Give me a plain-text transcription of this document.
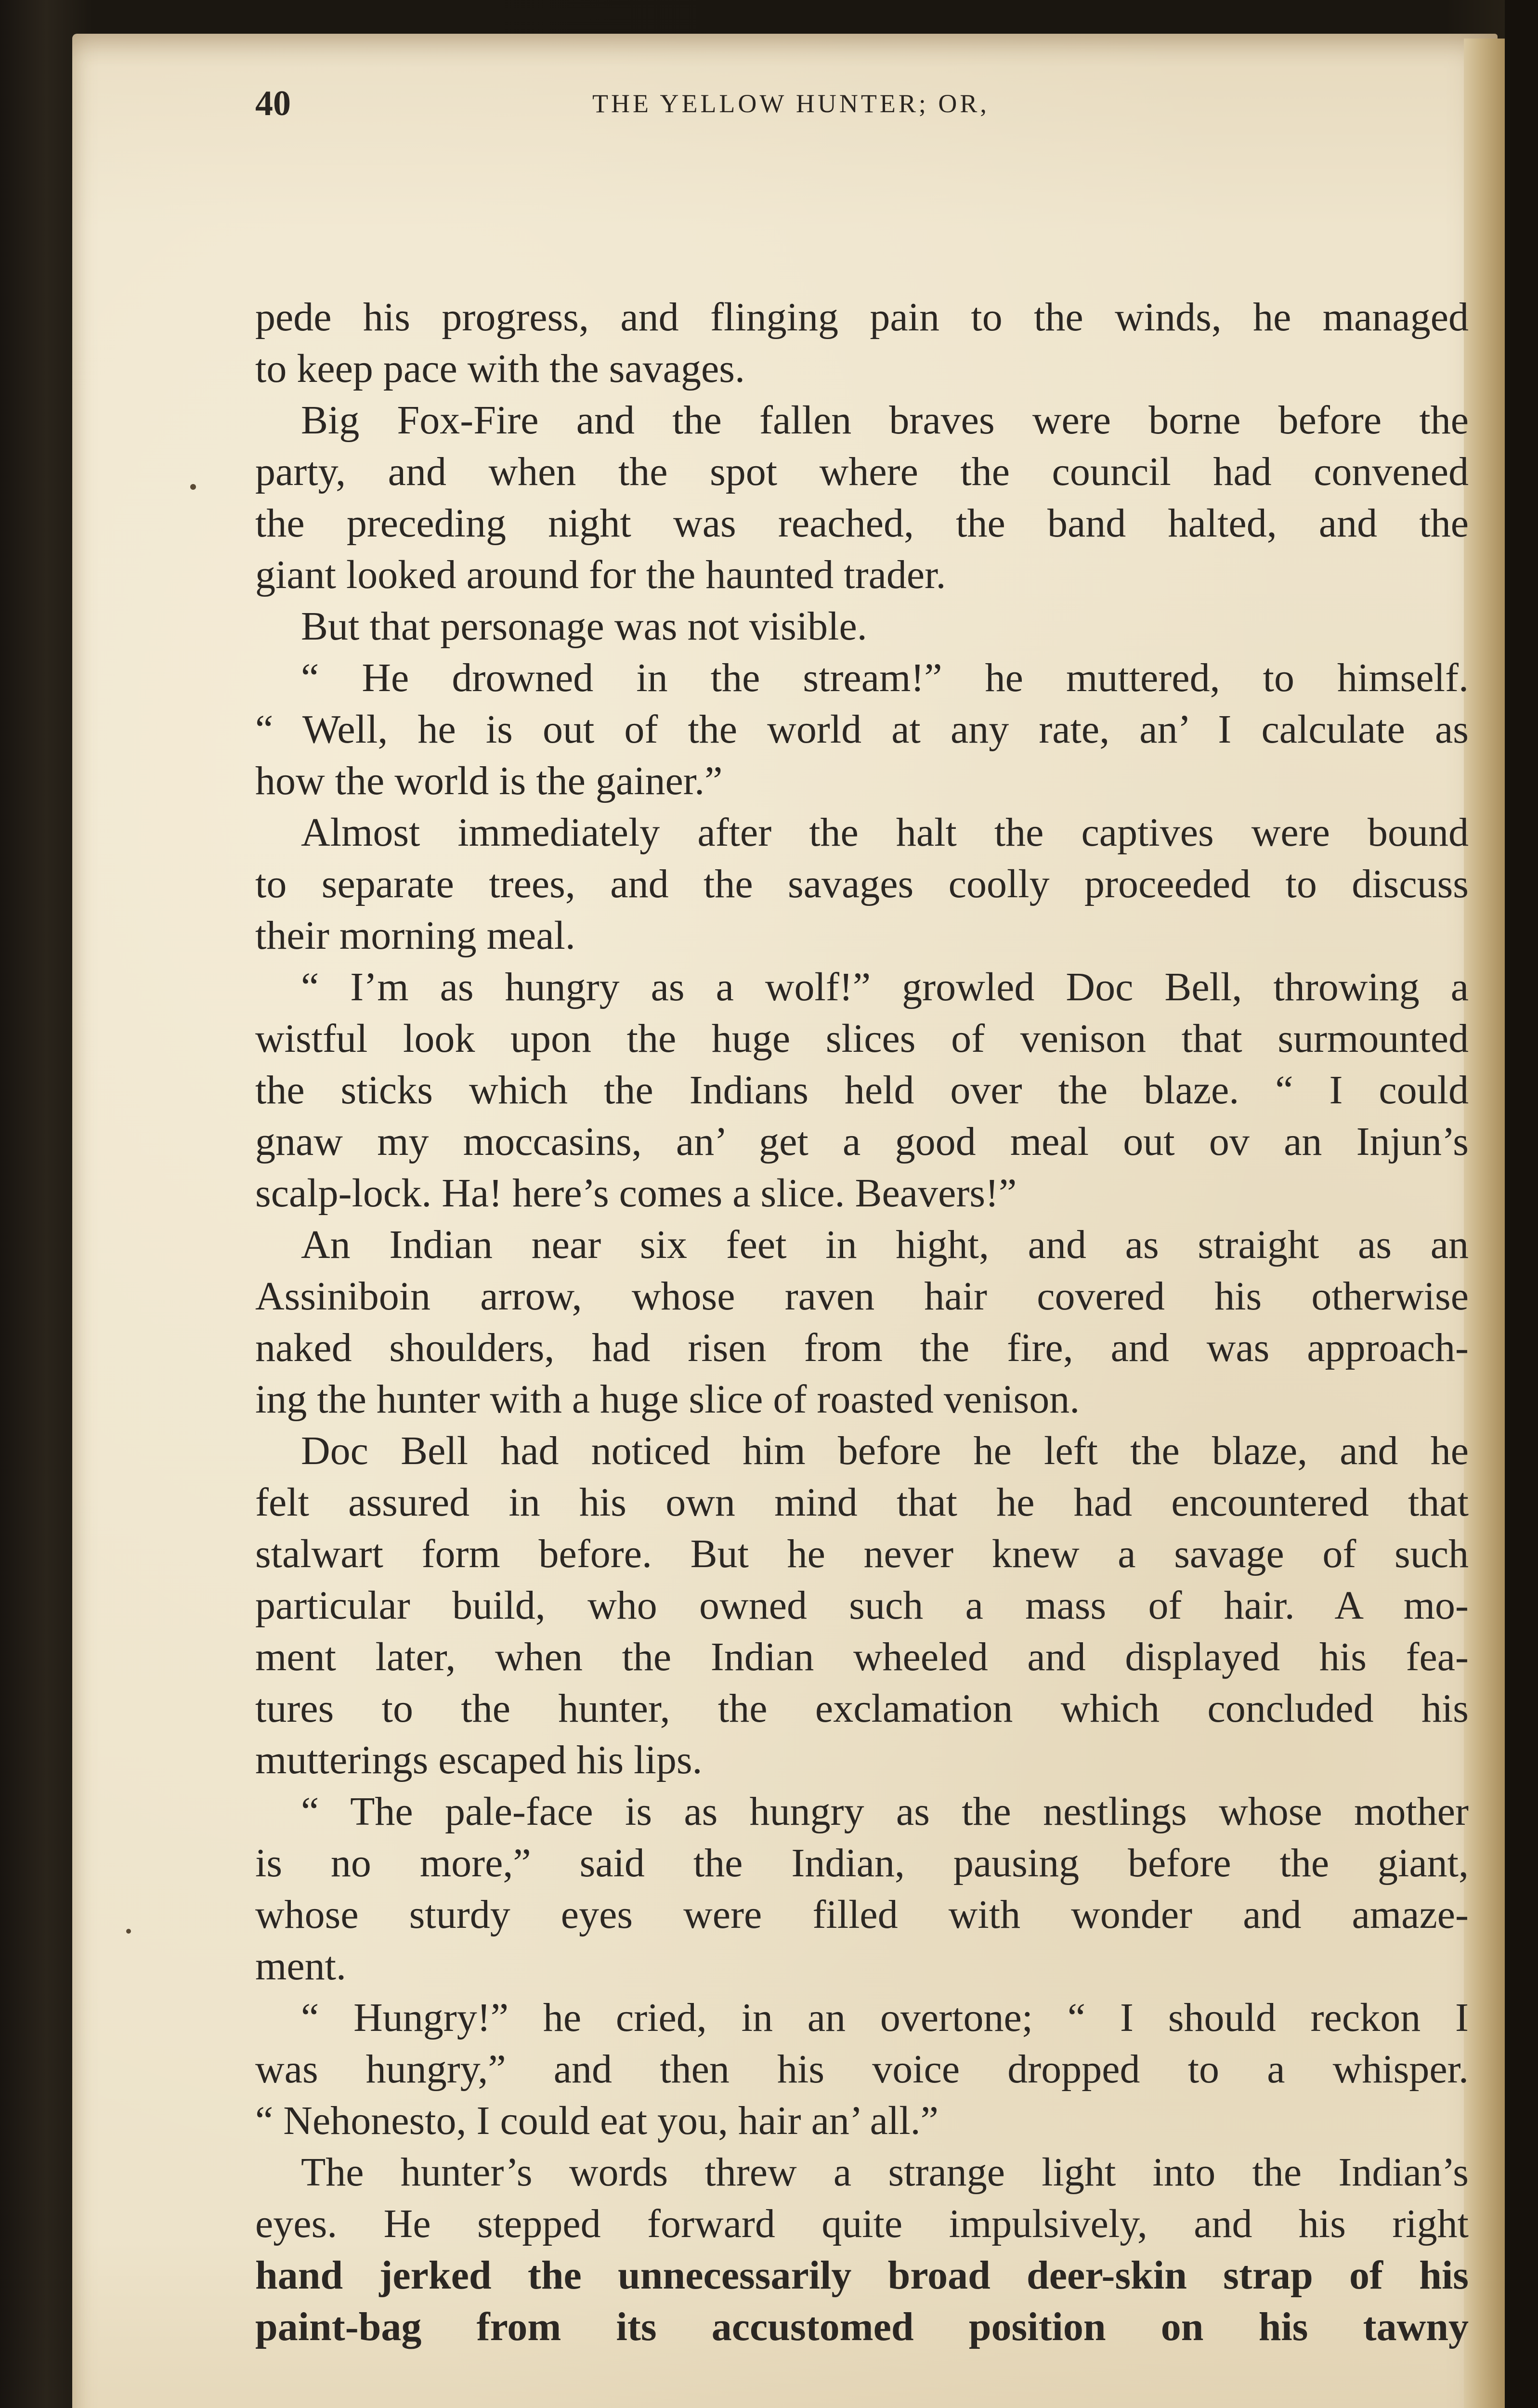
40	THE YELLOW HUNTER; OR,
pede his progress, and flinging pain to the winds, he managed
to keep pace with the savages.
Big Fox-Fire and the fallen braves were borne before the
party, and when the spot where the council had convened
the preceding night was reached, the band halted, and the
giant looked around for the haunted trader.
But that personage was not visible.
“ He drowned in the stream!” he muttered, to himself.
“ Well, he is out of the world at any rate, an’ I calculate as
how the world is the gainer.”
Almost immediately after the halt the captives were bound
to separate trees, and the savages coolly proceeded to discuss
their morning meal.
“ I’m as hungry as a wolf!” growled Doc Bell, throwing a
wistful look upon the huge slices of venison that surmounted
the sticks which the Indians held over the blaze. “ I could
gnaw my moccasins, an’ get a good meal out ov an Injun’s
scalp-lock. Ha! here’s comes a slice. Beavers!”
An Indian near six feet in hight, and as straight as an
Assiniboin arrow, whose raven hair covered his otherwise
naked shoulders, had risen from the fire, and was approach-
ing the hunter with a huge slice of roasted venison.
Doc Bell had noticed him before he left the blaze, and he
felt assured in his own mind that he had encountered that
stalwart form before. But he never knew a savage of such
particular build, who owned such a mass of hair. A mo-
ment later, when the Indian wheeled and displayed his fea-
tures to the hunter, the exclamation which concluded his
mutterings escaped his lips.
“ The pale-face is as hungry as the nestlings whose mother
is no more,” said the Indian, pausing before the giant,
whose sturdy eyes were filled with wonder and amaze-
ment.
“ Hungry!” he cried, in an overtone; “ I should reckon I
was hungry,” and then his voice dropped to a whisper.
“ Nehonesto, I could eat you, hair an’ all.”
The hunter’s words threw a strange light into the Indian’s
eyes. He stepped forward quite impulsively, and his right
hand jerked the unnecessarily broad deer-skin strap of his
paint-bag from its accustomed position on his tawny
